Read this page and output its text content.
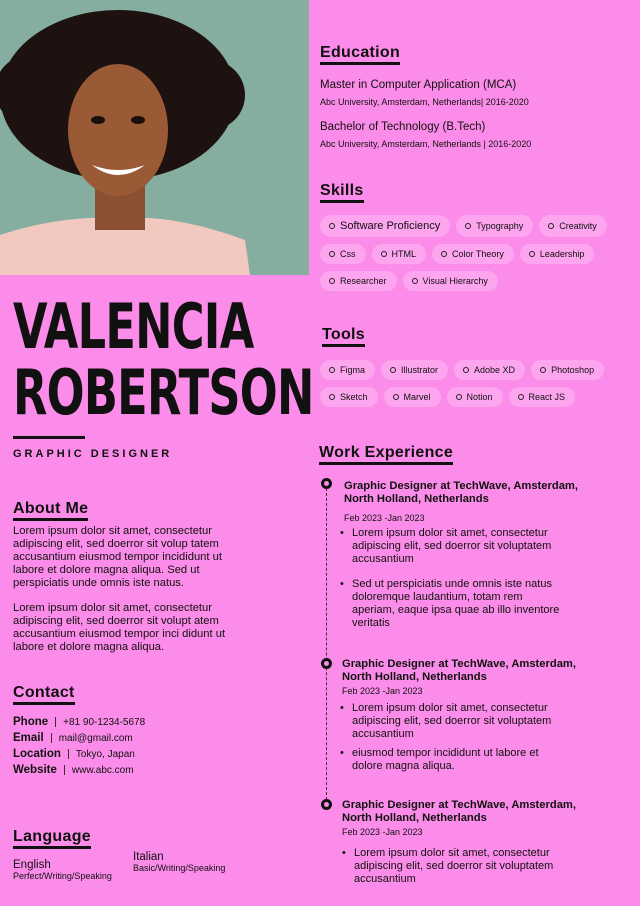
VALENCIA
ROBERTSON
GRAPHIC DESIGNER
About Me
Lorem ipsum dolor sit amet, consectetur adipiscing elit, sed doerror sit volup tatem accusantium eiusmod tempor incididunt ut labore et dolore magna aliqua. Sed ut perspiciatis unde omnis iste natus.
Lorem ipsum dolor sit amet, consectetur adipiscing elit, sed doerror sit volupt atem accusantium eiusmod tempor inci didunt ut labore et dolore magna aliqua.
Contact
Phone +81 90-1234-5678
Email mail@gmail.com
Location Tokyo, Japan
Website www.abc.com
Language
English
Perfect/Writing/Speaking
Italian
Basic/Writing/Speaking
Education
Master in Computer Application (MCA)
Abc University, Amsterdam, Netherlands| 2016-2020
Bachelor of Technology (B.Tech)
Abc University, Amsterdam, Netherlands | 2016-2020
Skills
Software Proficiency	Typography	Creativity
Css	HTML	Color Theory	Leadership
Researcher	Visual Hierarchy
Tools
Figma	Illustrator	Adobe XD	Photoshop
Sketch	Marvel	Notion	React JS
Work Experience
Graphic Designer at TechWave, Amsterdam, North Holland, Netherlands
Feb 2023 -Jan 2023
• Lorem ipsum dolor sit amet, consectetur adipiscing elit, sed doerror sit voluptatem accusantium
• Sed ut perspiciatis unde omnis iste natus doloremque laudantium, totam rem aperiam, eaque ipsa quae ab illo inventore veritatis
Graphic Designer at TechWave, Amsterdam, North Holland, Netherlands
Feb 2023 -Jan 2023
• Lorem ipsum dolor sit amet, consectetur adipiscing elit, sed doerror sit voluptatem accusantium
• eiusmod tempor incididunt ut labore et dolore magna aliqua.
Graphic Designer at TechWave, Amsterdam, North Holland, Netherlands
Feb 2023 -Jan 2023
• Lorem ipsum dolor sit amet, consectetur adipiscing elit, sed doerror sit voluptatem accusantium
